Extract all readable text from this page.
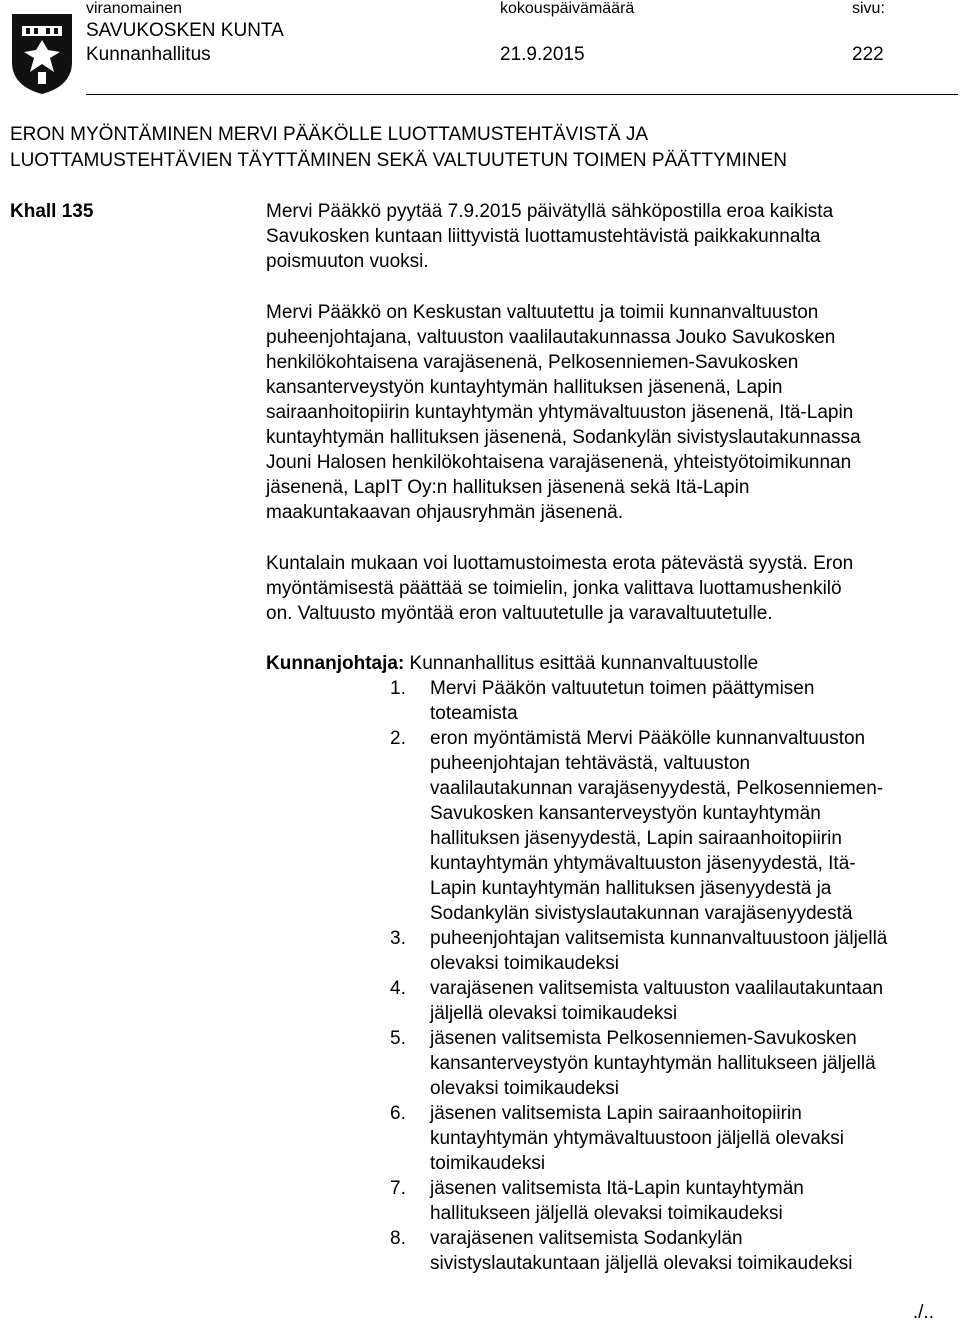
viranomainen	kokouspäivämäärä	sivu:
SAVUKOSKEN KUNTA
Kunnanhallitus	21.9.2015	222
ERON MYÖNTÄMINEN MERVI PÄÄKÖLLE LUOTTAMUSTEHTÄVISTÄ JA
LUOTTAMUSTEHTÄVIEN TÄYTTÄMINEN SEKÄ VALTUUTETUN TOIMEN PÄÄTTYMINEN
Khall 135	Mervi Pääkkö pyytää 7.9.2015 päivätyllä sähköpostilla eroa kaikista
Savukosken kuntaan liittyvistä luottamustehtävistä paikkakunnalta
poismuuton vuoksi.
Mervi Pääkkö on Keskustan valtuutettu ja toimii kunnanvaltuuston
puheenjohtajana, valtuuston vaalilautakunnassa Jouko Savukosken
henkilökohtaisena varajäsenenä, Pelkosenniemen-Savukosken
kansanterveystyön kuntayhtymän hallituksen jäsenenä, Lapin
sairaanhoitopiirin kuntayhtymän yhtymävaltuuston jäsenenä, Itä-Lapin
kuntayhtymän hallituksen jäsenenä, Sodankylän sivistyslautakunnassa
Jouni Halosen henkilökohtaisena varajäsenenä, yhteistyötoimikunnan
jäsenenä, LapIT Oy:n hallituksen jäsenenä sekä Itä-Lapin
maakuntakaavan ohjausryhmän jäsenenä.
Kuntalain mukaan voi luottamustoimesta erota pätevästä syystä. Eron
myöntämisestä päättää se toimielin, jonka valittava luottamushenkilö
on. Valtuusto myöntää eron valtuutetulle ja varavaltuutetulle.
Kunnanjohtaja: Kunnanhallitus esittää kunnanvaltuustolle
1.	Mervi Pääkön valtuutetun toimen päättymisen
toteamista
2.	eron myöntämistä Mervi Pääkölle kunnanvaltuuston
puheenjohtajan tehtävästä, valtuuston
vaalilautakunnan varajäsenyydestä, Pelkosenniemen-
Savukosken kansanterveystyön kuntayhtymän
hallituksen jäsenyydestä, Lapin sairaanhoitopiirin
kuntayhtymän yhtymävaltuuston jäsenyydestä, Itä-
Lapin kuntayhtymän hallituksen jäsenyydestä ja
Sodankylän sivistyslautakunnan varajäsenyydestä
3.	puheenjohtajan valitsemista kunnanvaltuustoon jäljellä
olevaksi toimikaudeksi
4.	varajäsenen valitsemista valtuuston vaalilautakuntaan
jäljellä olevaksi toimikaudeksi
5.	jäsenen valitsemista Pelkosenniemen-Savukosken
kansanterveystyön kuntayhtymän hallitukseen jäljellä
olevaksi toimikaudeksi
6.	jäsenen valitsemista Lapin sairaanhoitopiirin
kuntayhtymän yhtymävaltuustoon jäljellä olevaksi
toimikaudeksi
7.	jäsenen valitsemista Itä-Lapin kuntayhtymän
hallitukseen jäljellä olevaksi toimikaudeksi
8.	varajäsenen valitsemista Sodankylän
sivistyslautakuntaan jäljellä olevaksi toimikaudeksi
./..
